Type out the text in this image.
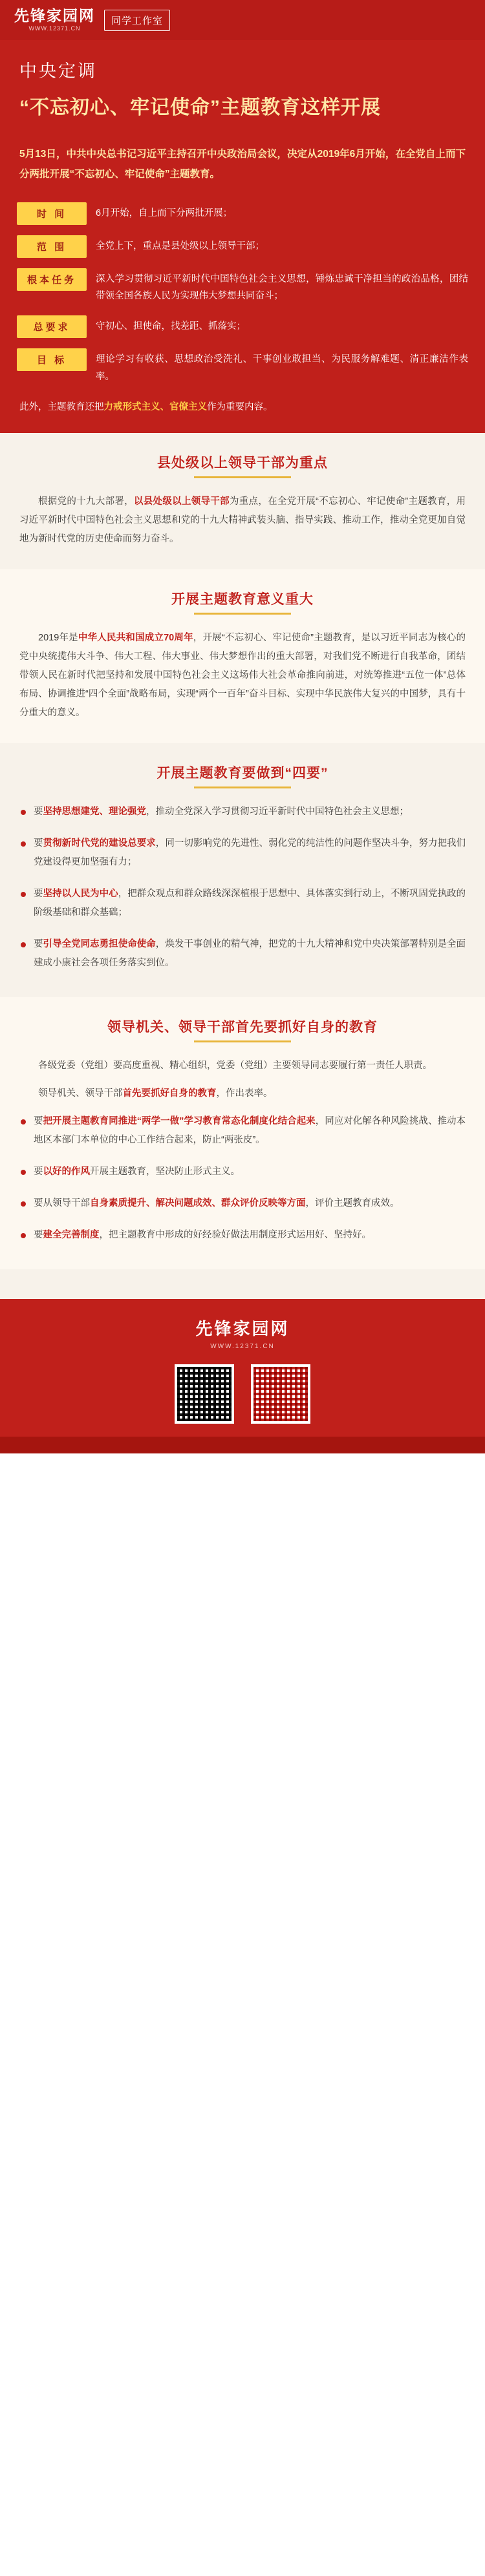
先锋家园网
WWW.12371.CN
同学工作室
中央定调
“不忘初心、牢记使命”主题教育这样开展
5月13日，中共中央总书记习近平主持召开中央政治局会议，决定从2019年6月开始，在全党自上而下分两批开展“不忘初心、牢记使命”主题教育。
时 间	6月开始，自上而下分两批开展；
范 围	全党上下，重点是县处级以上领导干部；
根本任务	深入学习贯彻习近平新时代中国特色社会主义思想，锤炼忠诚干净担当的政治品格，团结带领全国各族人民为实现伟大梦想共同奋斗；
总要求	守初心、担使命，找差距、抓落实；
目 标	理论学习有收获、思想政治受洗礼、干事创业敢担当、为民服务解难题、清正廉洁作表率。
此外，主题教育还把力戒形式主义、官僚主义作为重要内容。
县处级以上领导干部为重点

根据党的十九大部署，以县处级以上领导干部为重点，在全党开展“不忘初心、牢记使命”主题教育，用习近平新时代中国特色社会主义思想和党的十九大精神武装头脑、指导实践、推动工作，推动全党更加自觉地为新时代党的历史使命而努力奋斗。

开展主题教育意义重大

2019年是中华人民共和国成立70周年，开展“不忘初心、牢记使命”主题教育，是以习近平同志为核心的党中央统揽伟大斗争、伟大工程、伟大事业、伟大梦想作出的重大部署，对我们党不断进行自我革命，团结带领人民在新时代把坚持和发展中国特色社会主义这场伟大社会革命推向前进，对统筹推进“五位一体”总体布局、协调推进“四个全面”战略布局，实现“两个一百年”奋斗目标、实现中华民族伟大复兴的中国梦，具有十分重大的意义。

开展主题教育要做到“四要”
要坚持思想建党、理论强党，推动全党深入学习贯彻习近平新时代中国特色社会主义思想；
要贯彻新时代党的建设总要求，同一切影响党的先进性、弱化党的纯洁性的问题作坚决斗争，努力把我们党建设得更加坚强有力；
要坚持以人民为中心，把群众观点和群众路线深深植根于思想中、具体落实到行动上，不断巩固党执政的阶级基础和群众基础；
要引导全党同志勇担使命使命，焕发干事创业的精气神，把党的十九大精神和党中央决策部署特别是全面建成小康社会各项任务落实到位。
领导机关、领导干部首先要抓好自身的教育

各级党委（党组）要高度重视、精心组织，党委（党组）主要领导同志要履行第一责任人职责。

领导机关、领导干部首先要抓好自身的教育，作出表率。

要把开展主题教育同推进“两学一做”学习教育常态化制度化结合起来，同应对化解各种风险挑战、推动本地区本部门本单位的中心工作结合起来，防止“两张皮”。
要以好的作风开展主题教育，坚决防止形式主义。
要从领导干部自身素质提升、解决问题成效、群众评价反映等方面，评价主题教育成效。
要建全完善制度，把主题教育中形成的好经验好做法用制度形式运用好、坚持好。
先锋家园网
WWW.12371.CN
